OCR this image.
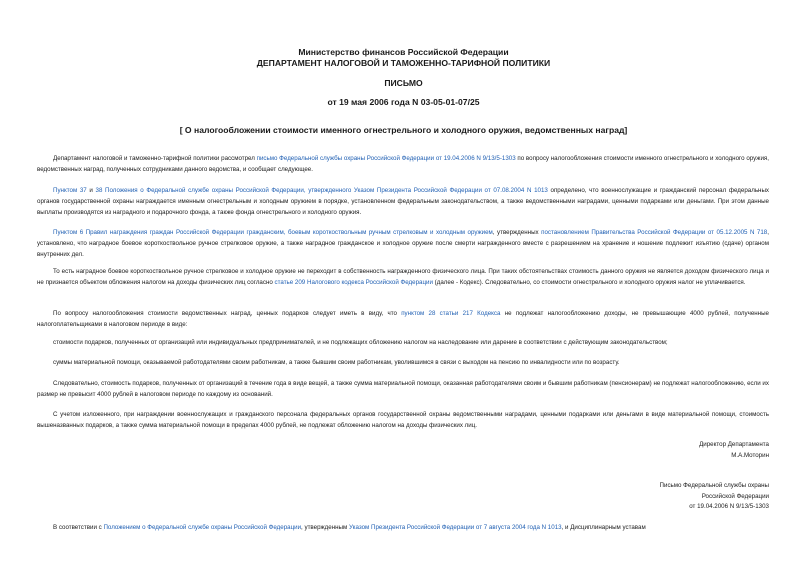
Министерство финансов Российской Федерации
ДЕПАРТАМЕНТ НАЛОГОВОЙ И ТАМОЖЕННО-ТАРИФНОЙ ПОЛИТИКИ
ПИСЬМО
от 19 мая 2006 года N 03-05-01-07/25
[ О налогообложении стоимости именного огнестрельного и холодного оружия, ведомственных наград]

Департамент налоговой и таможенно-тарифной политики рассмотрел письмо Федеральной службы охраны Российской Федерации от 19.04.2006 N 9/13/5-1303 по вопросу налогообложения стоимости именного огнестрельного и холодного оружия, ведомственных наград, полученных сотрудниками данного ведомства, и сообщает следующее.

Пунктом 37 и 38 Положения о Федеральной службе охраны Российской Федерации, утвержденного Указом Президента Российской Федерации от 07.08.2004 N 1013 определено, что военнослужащие и гражданский персонал федеральных органов государственной охраны награждается именным огнестрельным и холодным оружием в порядке, установленном федеральным законодательством, а также ведомственными наградами, ценными подарками или деньгами. При этом данные выплаты производятся из наградного и подарочного фонда, а также фонда огнестрельного и холодного оружия.

Пунктом 6 Правил награждения граждан Российской Федерации гражданским, боевым короткоствольным ручным стрелковым и холодным оружием, утвержденных постановлением Правительства Российской Федерации от 05.12.2005 N 718, установлено, что наградное боевое короткоствольное ручное стрелковое оружие, а также наградное гражданское и холодное оружие после смерти награжденного вместе с разрешением на хранение и ношение подлежит изъятию (сдаче) органом внутренних дел.

То есть наградное боевое короткоствольное ручное стрелковое и холодное оружие не переходит в собственность награжденного физического лица. При таких обстоятельствах стоимость данного оружия не является доходом физического лица и не признается объектом обложения налогом на доходы физических лиц согласно статье 209 Налогового кодекса Российской Федерации (далее - Кодекс). Следовательно, со стоимости огнестрельного и холодного оружия налог не уплачивается.

По вопросу налогообложения стоимости ведомственных наград, ценных подарков следует иметь в виду, что пунктом 28 статьи 217 Кодекса не подлежат налогообложению доходы, не превышающие 4000 рублей, полученные налогоплательщиками в налоговом периоде в виде:

стоимости подарков, полученных от организаций или индивидуальных предпринимателей, и не подлежащих обложению налогом на наследование или дарение в соответствии с действующим законодательством;

суммы материальной помощи, оказываемой работодателями своим работникам, а также бывшим своим работникам, уволившимся в связи с выходом на пенсию по инвалидности или по возрасту.

Следовательно, стоимость подарков, полученных от организаций в течение года в виде вещей, а также сумма материальной помощи, оказанная работодателями своим и бывшим работникам (пенсионерам) не подлежат налогообложению, если их размер не превысит 4000 рублей в налоговом периоде по каждому из оснований.

С учетом изложенного, при награждении военнослужащих и гражданского персонала федеральных органов государственной охраны ведомственными наградами, ценными подарками или деньгами в виде материальной помощи, стоимость вышеназванных подарков, а также сумма материальной помощи в пределах 4000 рублей, не подлежат обложению налогом на доходы физических лиц.

Директор Департамента
М.А.Моторин
Письмо Федеральной службы охраны
Российской Федерации
от 19.04.2006 N 9/13/5-1303

В соответствии с Положением о Федеральной службе охраны Российской Федерации, утвержденным Указом Президента Российской Федерации от 7 августа 2004 года N 1013, и Дисциплинарным уставам
